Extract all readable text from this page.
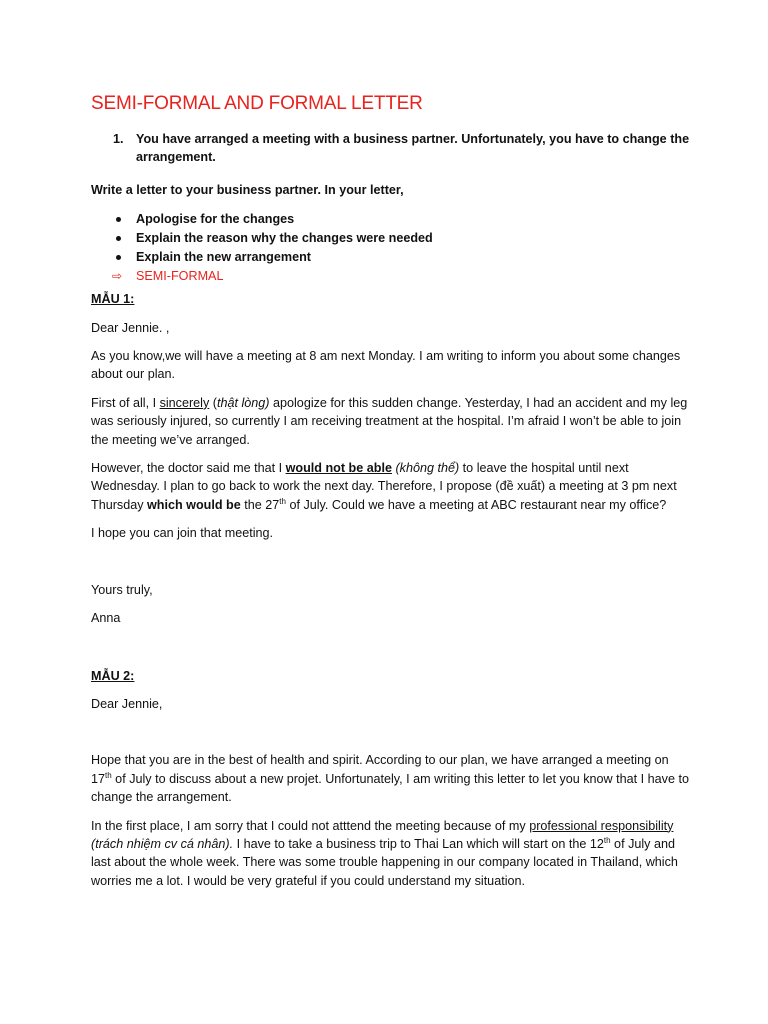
SEMI-FORMAL AND FORMAL LETTER
1. You have arranged a meeting with a business partner. Unfortunately, you have to change the arrangement.

Write a letter to your business partner. In your letter,

Apologise for the changes
Explain the reason why the changes were needed
Explain the new arrangement
⇨ SEMI-FORMAL

MẪU 1:

Dear Jennie. ,

As you know,we will have a meeting at 8 am next Monday. I am writing to inform you about some changes about our plan.

First of all, I sincerely (thật lòng) apologize for this sudden change. Yesterday, I had an accident and my leg was seriously injured, so currently I am receiving treatment at the hospital. I’m afraid I won’t be able to join the meeting we’ve arranged.

However, the doctor said me that I would not be able (không thể) to leave the hospital until next Wednesday. I plan to go back to work the next day. Therefore, I propose (đề xuất) a meeting at 3 pm next Thursday which would be the 27th of July. Could we have a meeting at ABC restaurant near my office?

I hope you can join that meeting.

Yours truly,

Anna

MẪU 2:

Dear Jennie,

Hope that you are in the best of health and spirit. According to our plan, we have arranged a meeting on 17th of July to discuss about a new projet. Unfortunately, I am writing this letter to let you know that I have to change the arrangement.

In the first place, I am sorry that I could not atttend the meeting because of my professional responsibility (trách nhiệm cv cá nhân). I have to take a business trip to Thai Lan which will start on the 12th of July and last about the whole week. There was some trouble happening in our company located in Thailand, which worries me a lot. I would be very grateful if you could understand my situation.
